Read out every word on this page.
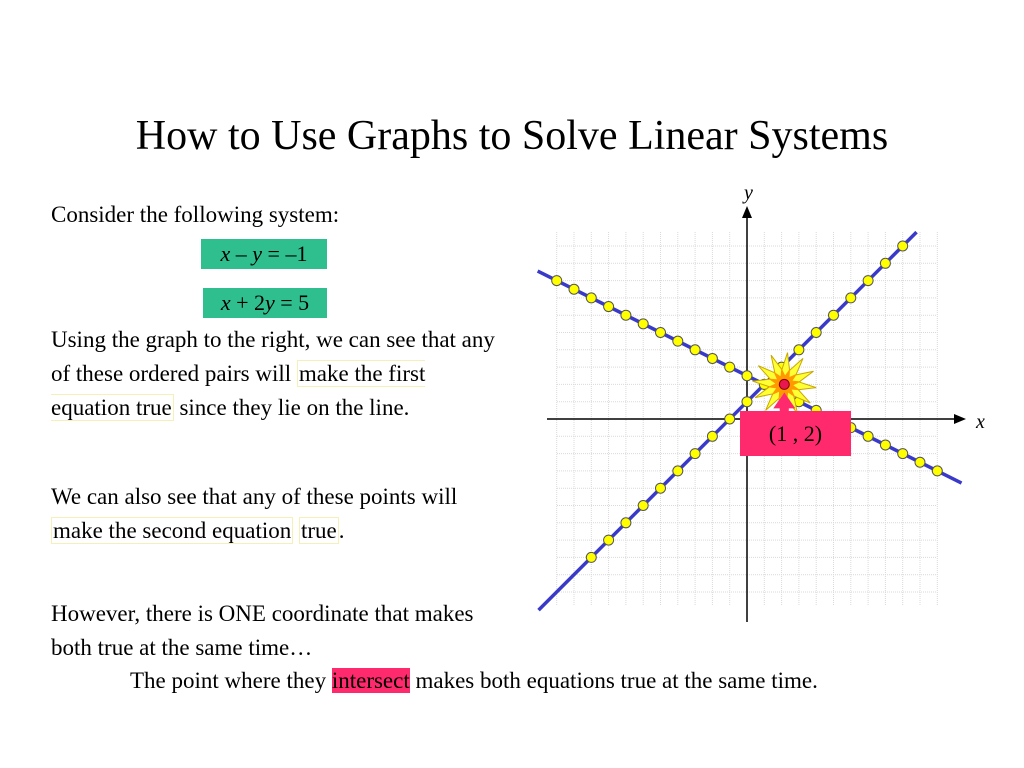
How to Use Graphs to Solve Linear Systems
Consider the following system:
x – y = –1
x + 2y = 5
Using the graph to the right, we can see that any of these ordered pairs will make the first equation true since they lie on the line.
We can also see that any of these points will make the second equation true.
However, there is ONE coordinate that makes both true at the same time…
The point where they intersect makes both equations true at the same time.
x
y
(1 , 2)
